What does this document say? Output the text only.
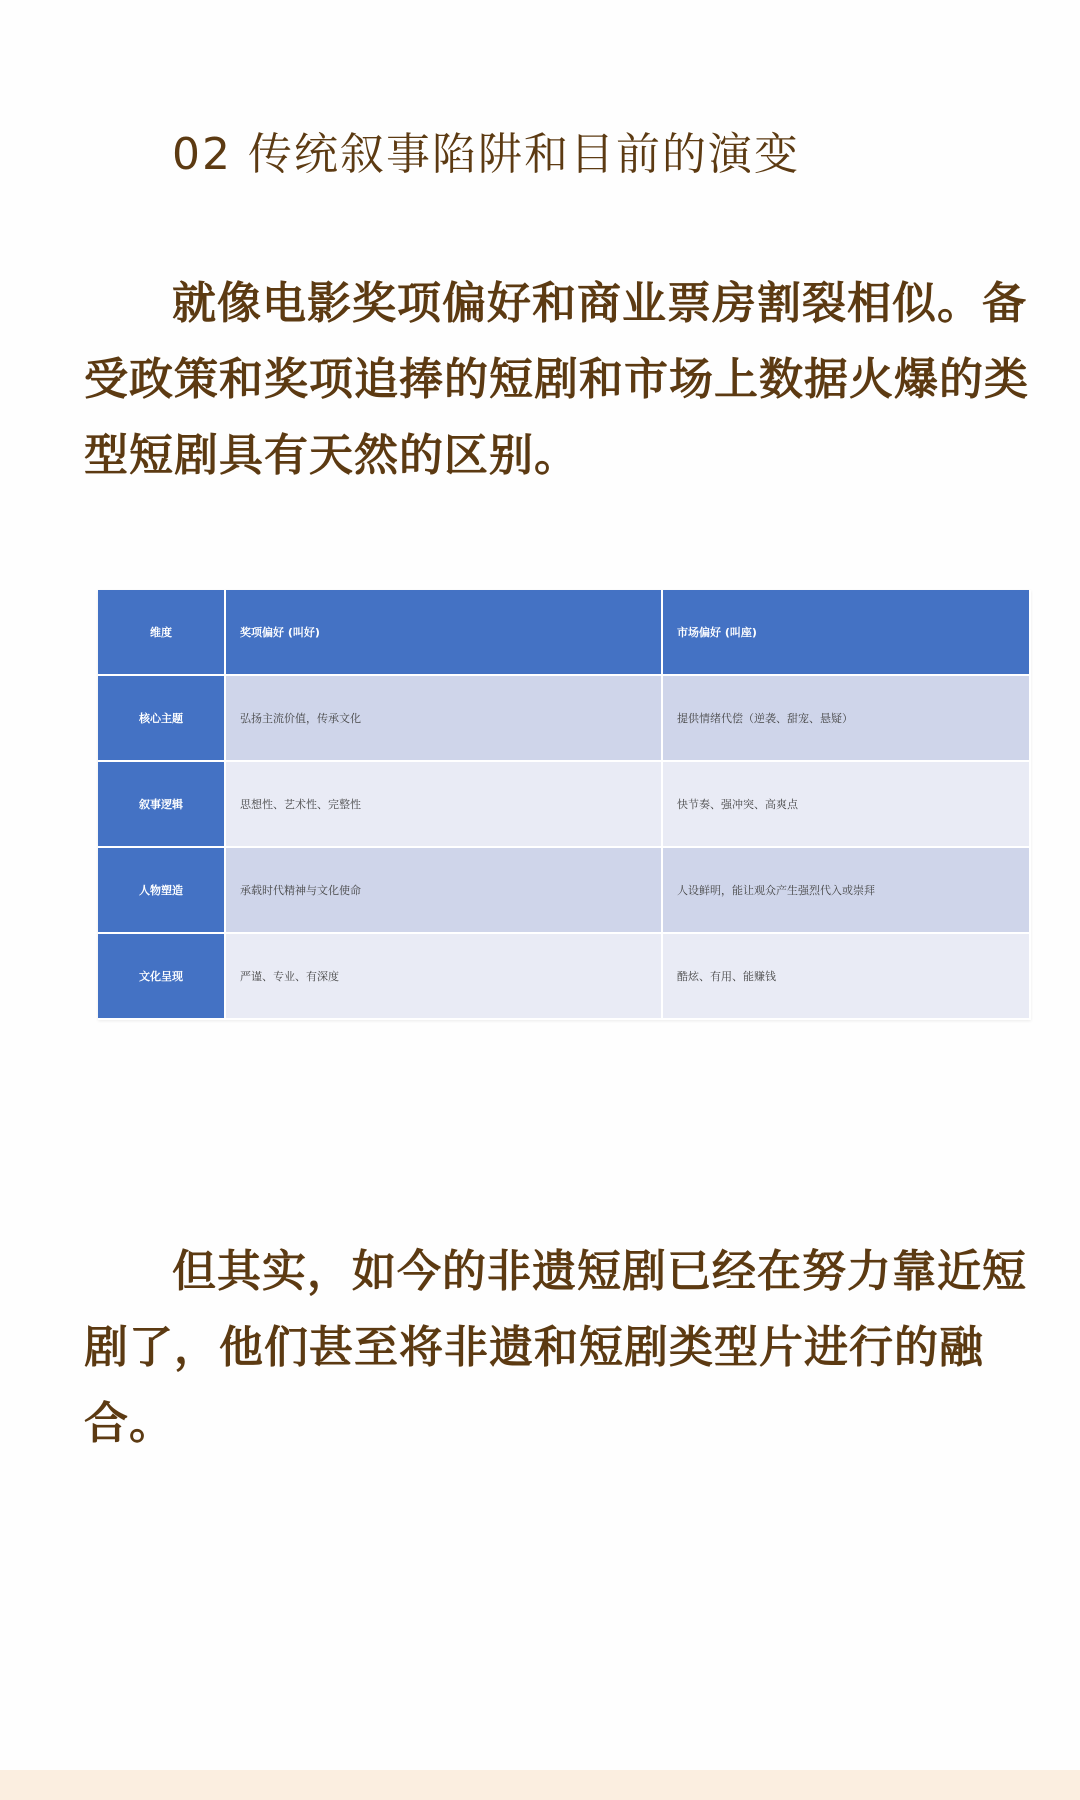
02 传统叙事陷阱和目前的演变

就像电影奖项偏好和商业票房割裂相似。备受政策和奖项追捧的短剧和市场上数据火爆的类型短剧具有天然的区别。

维度	奖项偏好 (叫好)	市场偏好 (叫座)
核心主题	弘扬主流价值，传承文化	提供情绪代偿（逆袭、甜宠、悬疑）
叙事逻辑	思想性、艺术性、完整性	快节奏、强冲突、高爽点
人物塑造	承载时代精神与文化使命	人设鲜明，能让观众产生强烈代入或崇拜
文化呈现	严谨、专业、有深度	酷炫、有用、能赚钱

但其实，如今的非遗短剧已经在努力靠近短剧了，他们甚至将非遗和短剧类型片进行的融合。
